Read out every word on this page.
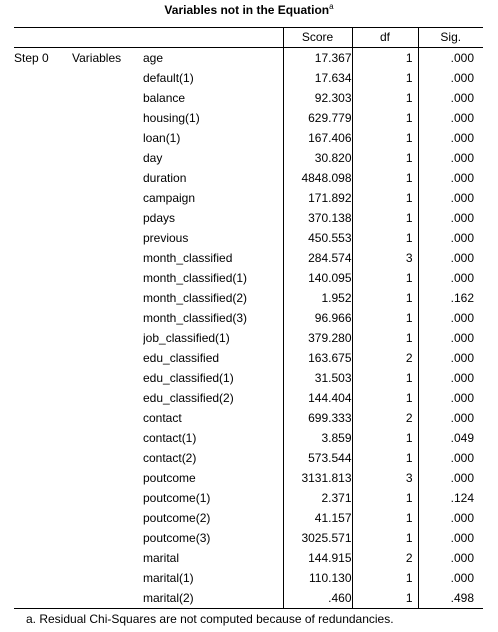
Variables not in the Equation$^a$
			Score	df	Sig.
Step 0	Variables	age	17.367	1	.000
		default(1)	17.634	1	.000
		balance	92.303	1	.000
		housing(1)	629.779	1	.000
		loan(1)	167.406	1	.000
		day	30.820	1	.000
		duration	4848.098	1	.000
		campaign	171.892	1	.000
		pdays	370.138	1	.000
		previous	450.553	1	.000
		month_classified	284.574	3	.000
		month_classified(1)	140.095	1	.000
		month_classified(2)	1.952	1	.162
		month_classified(3)	96.966	1	.000
		job_classified(1)	379.280	1	.000
		edu_classified	163.675	2	.000
		edu_classified(1)	31.503	1	.000
		edu_classified(2)	144.404	1	.000
		contact	699.333	2	.000
		contact(1)	3.859	1	.049
		contact(2)	573.544	1	.000
		poutcome	3131.813	3	.000
		poutcome(1)	2.371	1	.124
		poutcome(2)	41.157	1	.000
		poutcome(3)	3025.571	1	.000
		marital	144.915	2	.000
		marital(1)	110.130	1	.000
		marital(2)	.460	1	.498
a. Residual Chi-Squares are not computed because of redundancies.
